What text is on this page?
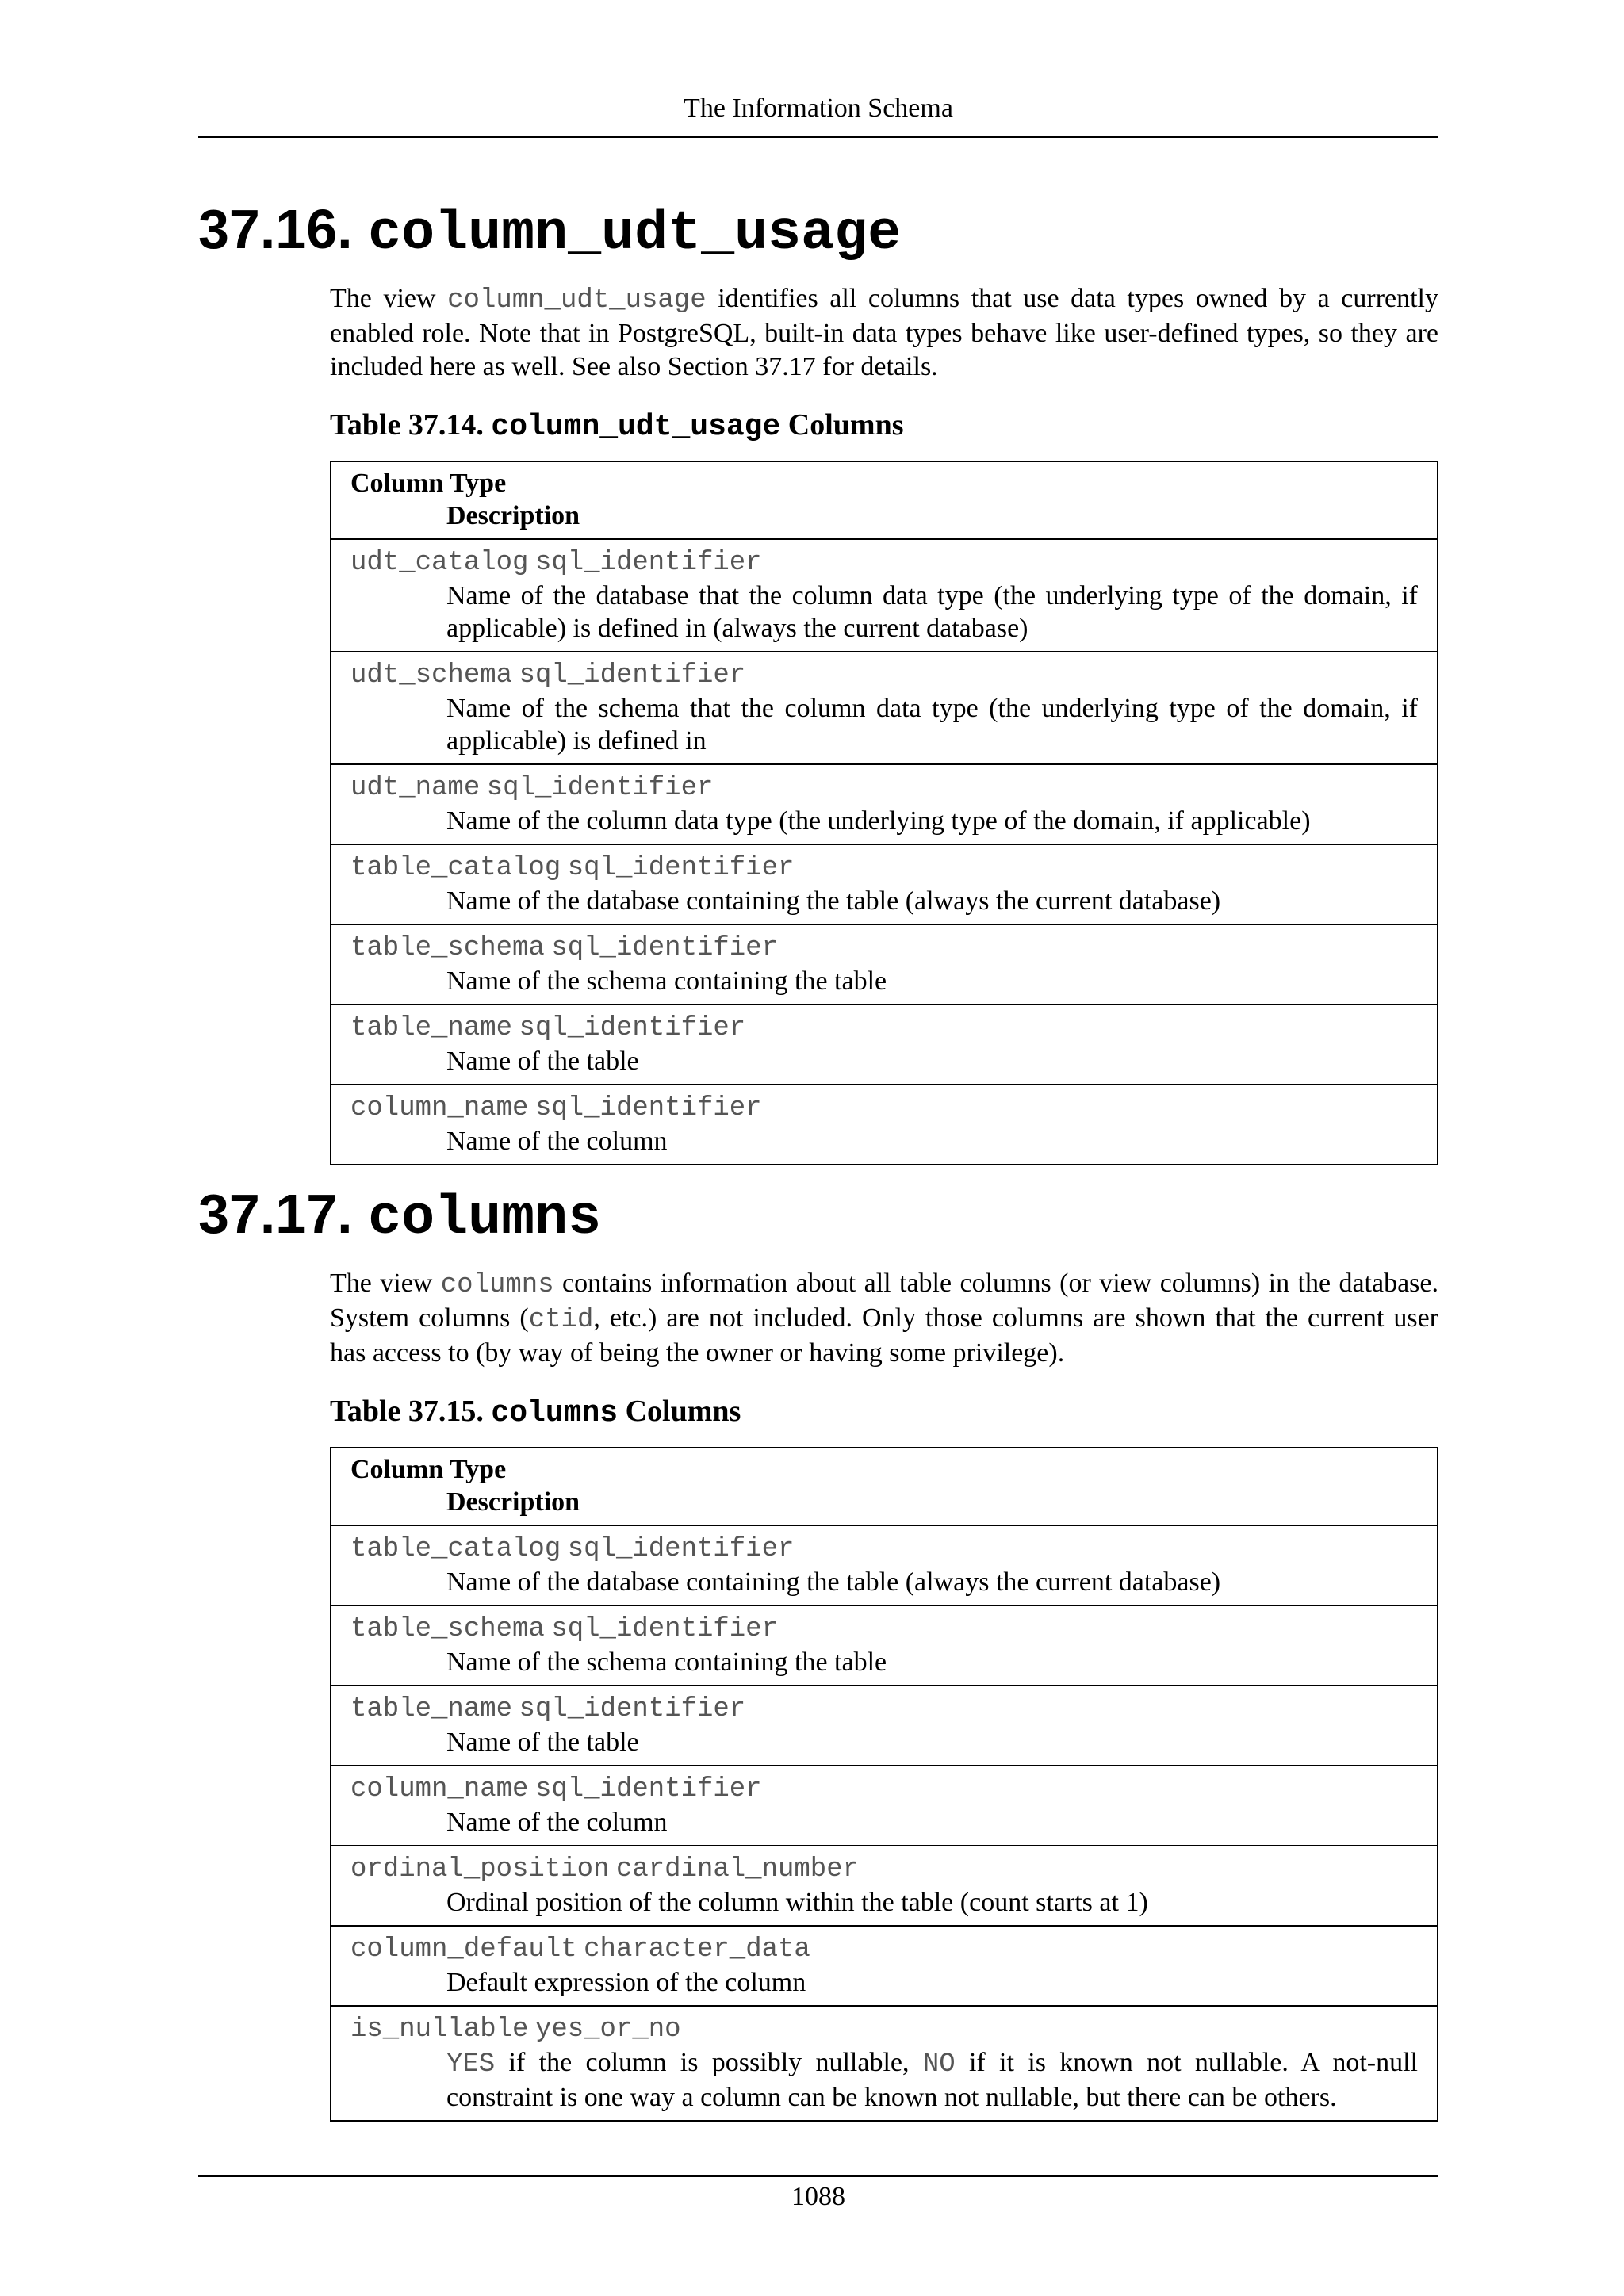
The Information Schema
37.16. column_udt_usage

The view column_udt_usage identifies all columns that use data types owned by a currently enabled role. Note that in PostgreSQL, built-in data types behave like user-defined types, so they are included here as well. See also Section 37.17 for details.

Table 37.14. column_udt_usage Columns
Column Type
Description

udt_catalog sql_identifier
Name of the database that the column data type (the underlying type of the domain, if applicable) is defined in (always the current database)

udt_schema sql_identifier
Name of the schema that the column data type (the underlying type of the domain, if applicable) is defined in

udt_name sql_identifier
Name of the column data type (the underlying type of the domain, if applicable)

table_catalog sql_identifier
Name of the database containing the table (always the current database)

table_schema sql_identifier
Name of the schema containing the table

table_name sql_identifier
Name of the table

column_name sql_identifier
Name of the column
37.17. columns

The view columns contains information about all table columns (or view columns) in the database. System columns (ctid, etc.) are not included. Only those columns are shown that the current user has access to (by way of being the owner or having some privilege).

Table 37.15. columns Columns
Column Type
Description

table_catalog sql_identifier
Name of the database containing the table (always the current database)

table_schema sql_identifier
Name of the schema containing the table

table_name sql_identifier
Name of the table

column_name sql_identifier
Name of the column

ordinal_position cardinal_number
Ordinal position of the column within the table (count starts at 1)

column_default character_data
Default expression of the column

is_nullable yes_or_no
YES if the column is possibly nullable, NO if it is known not nullable. A not-null constraint is one way a column can be known not nullable, but there can be others.
1088
